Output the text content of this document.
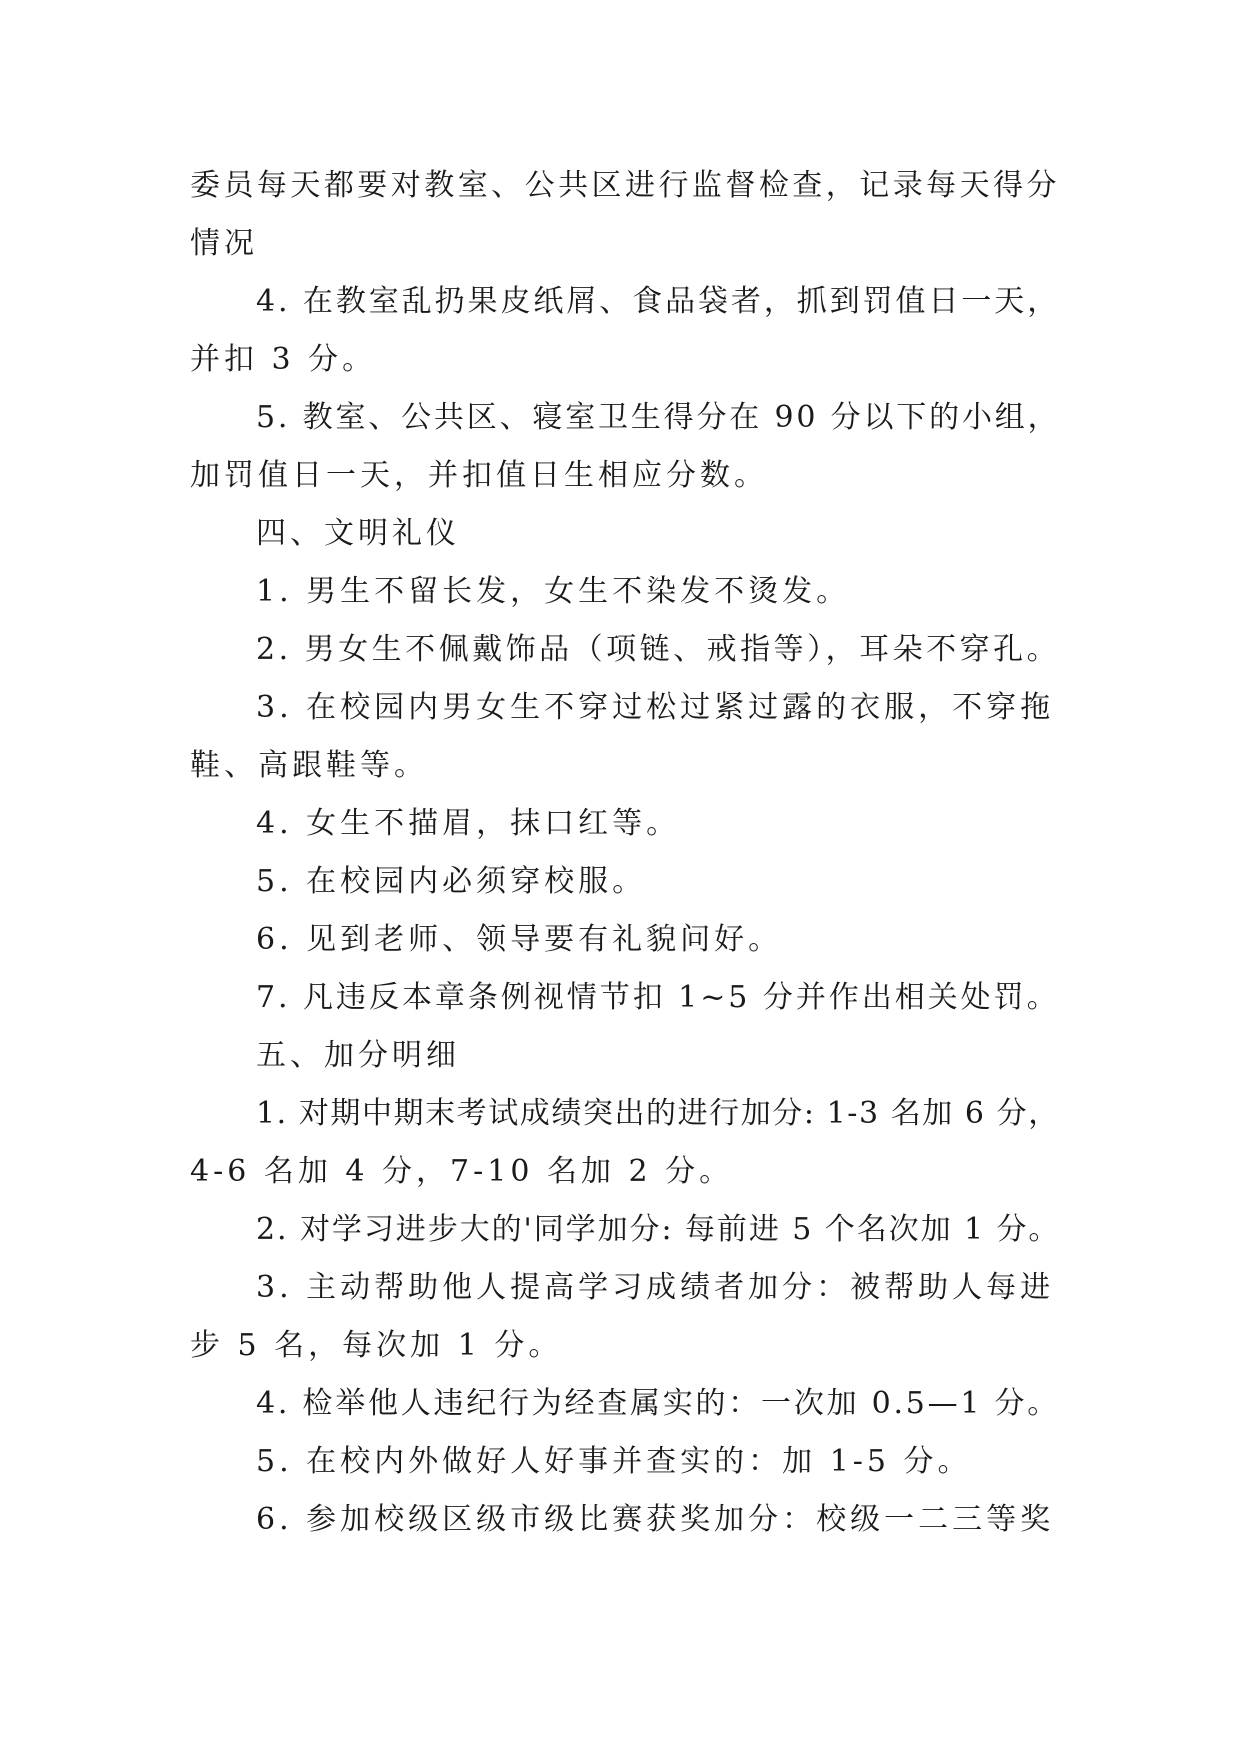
委员每天都要对教室、公共区进行监督检查，记录每天得分
情况
4. 在教室乱扔果皮纸屑、食品袋者，抓到罚值日一天，
并扣 3 分。
5. 教室、公共区、寝室卫生得分在 90 分以下的小组，
加罚值日一天，并扣值日生相应分数。
四、文明礼仪
1. 男生不留长发，女生不染发不烫发。
2. 男女生不佩戴饰品（项链、戒指等），耳朵不穿孔。
3. 在校园内男女生不穿过松过紧过露的衣服，不穿拖
鞋、高跟鞋等。
4. 女生不描眉，抹口红等。
5. 在校园内必须穿校服。
6. 见到老师、领导要有礼貌问好。
7. 凡违反本章条例视情节扣 1~5 分并作出相关处罚。
五、加分明细
1. 对期中期末考试成绩突出的进行加分: 1-3 名加 6 分，
4-6 名加 4 分，7-10 名加 2 分。
2. 对学习进步大的'同学加分: 每前进 5 个名次加 1 分。
3. 主动帮助他人提高学习成绩者加分：被帮助人每进
步 5 名，每次加 1 分。
4. 检举他人违纪行为经查属实的：一次加 0.5—1 分。
5. 在校内外做好人好事并查实的：加 1-5 分。
6. 参加校级区级市级比赛获奖加分：校级一二三等奖
